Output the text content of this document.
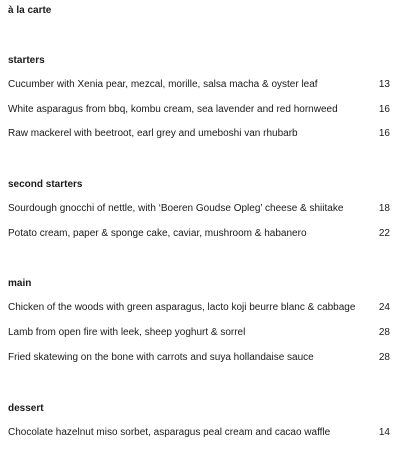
à la carte
starters
Cucumber with Xenia pear, mezcal, morille, salsa macha & oyster leaf	13
White asparagus from bbq, kombu cream, sea lavender and red hornweed	16
Raw mackerel with beetroot, earl grey and umeboshi van rhubarb	16
second starters
Sourdough gnocchi of nettle, with ‘Boeren Goudse Opleg’ cheese & shiitake	18
Potato cream, paper & sponge cake, caviar, mushroom & habanero	22
main
Chicken of the woods with green asparagus, lacto koji beurre blanc & cabbage 24
Lamb from open fire with leek, sheep yoghurt & sorrel	28
Fried skatewing on the bone with carrots and suya hollandaise sauce	28
dessert
Chocolate hazelnut miso sorbet, asparagus peal cream and cacao waffle	14
